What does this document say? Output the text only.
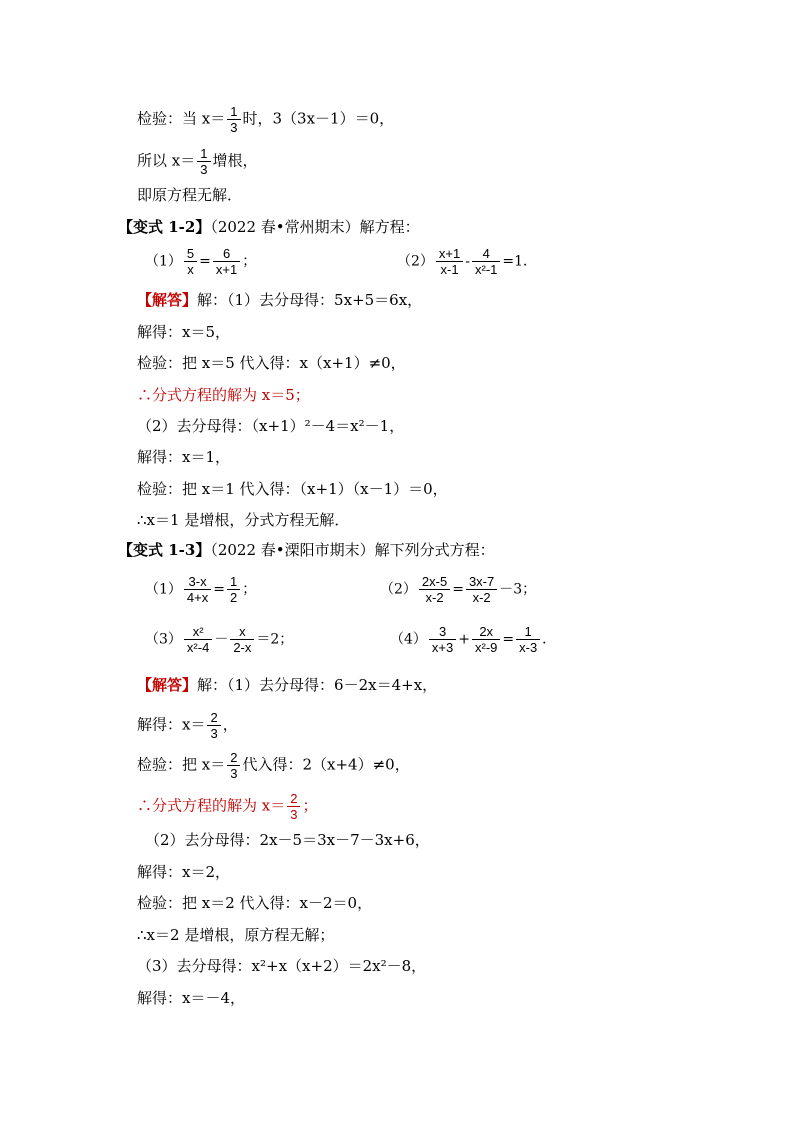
检验：当 $x= \frac{1}{3}$ 时，3（3x－1）＝0，
所以 $x= \frac{1}{3}$ 增根，
即原方程无解．
【变式 1-2】（2022 春•常州期末）解方程：
$(1) \frac{5}{x} = \frac{6}{x+1}$ ；	$(2) \frac{x+1}{x-1} - \frac{4}{\text{x²-1}} =1$．
【解答】解：（1）去分母得：5x+5＝6x，
解得：x＝5，
检验：把 x＝5 代入得：x（x+1）≠0，
∴分式方程的解为 x＝5；
（2）去分母得：（x+1）²－4＝x²－1，
解得：x＝1，
检验：把 x＝1 代入得：（x+1）（x－1）＝0，
∴x＝1 是增根，分式方程无解．
【变式 1-3】（2022 春•溧阳市期末）解下列分式方程：
$(1) \frac{3-x}{4+x} = \frac{1}{2}$ ；	$(2) \frac{2x-5}{x-2} = \frac{3x-7}{x-2} -3$；
$(3) \frac{\text{x²}}{\text{x²-4}} - \frac{x}{2-x} =2$；	$(4) \frac{3}{x+3} + \frac{2x}{\text{x²-9}} = \frac{1}{x-3}$ ．
【解答】解：（1）去分母得：6－2x＝4+x，
解得：$x= \frac{2}{3}$ ，
检验：把 $x= \frac{2}{3}$ 代入得：2（x+4）≠0，
∴分式方程的解为 $x= \frac{2}{3}$ ；
（2）去分母得：2x－5＝3x－7－3x+6，
解得：x＝2，
检验：把 x＝2 代入得：x－2＝0，
∴x＝2 是增根，原方程无解；
（3）去分母得：x²+x（x+2）＝2x²－8，
解得：x＝－4，
